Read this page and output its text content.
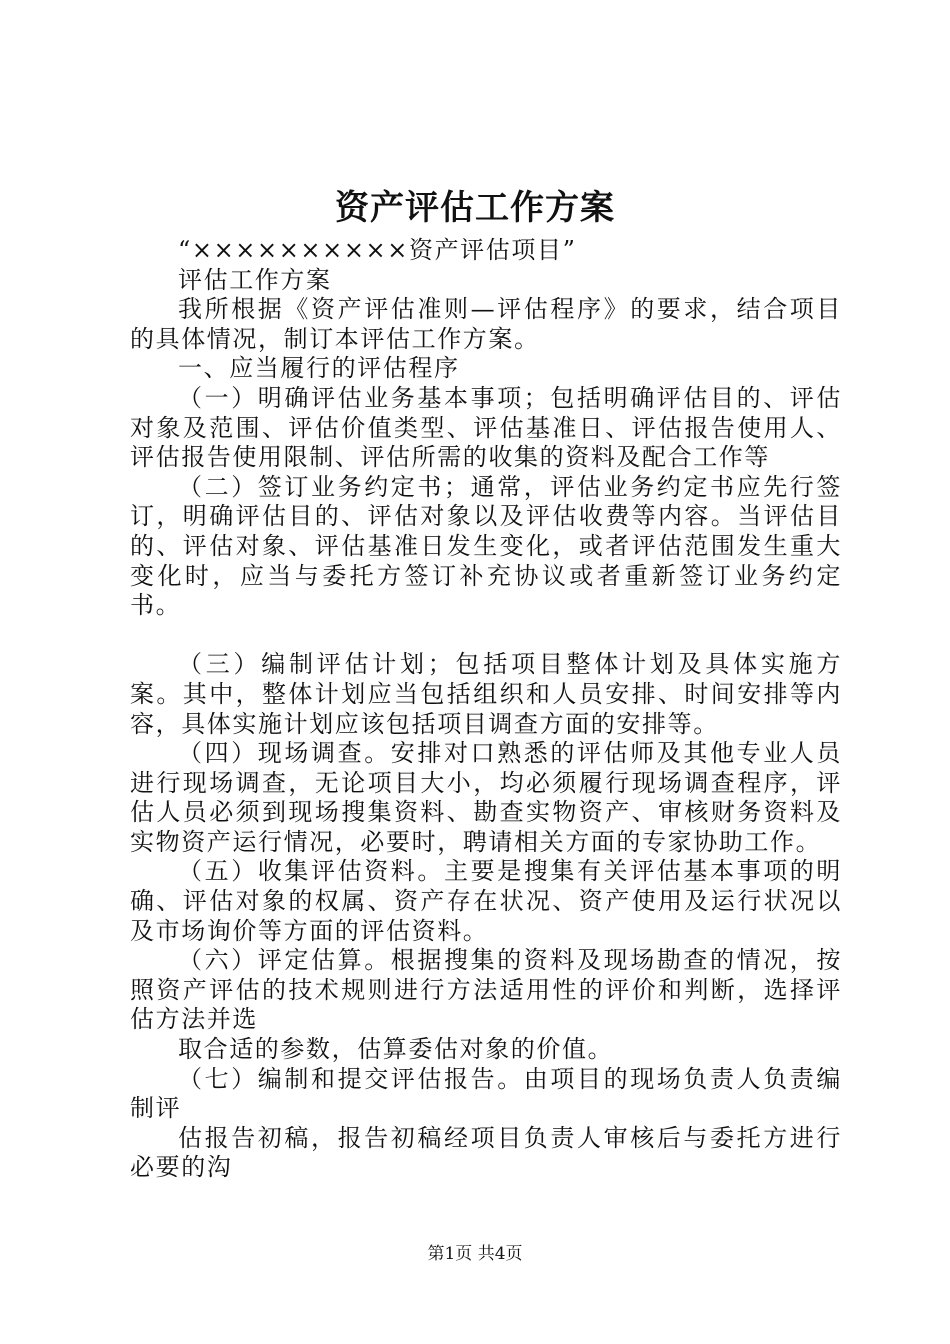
资产评估工作方案

“××××××××××资产评估项目”

评估工作方案

我所根据《资产评估准则—评估程序》的要求，结合项目的具体情况，制订本评估工作方案。

一、应当履行的评估程序

（一）明确评估业务基本事项；包括明确评估目的、评估对象及范围、评估价值类型、评估基准日、评估报告使用人、评估报告使用限制、评估所需的收集的资料及配合工作等

（二）签订业务约定书；通常，评估业务约定书应先行签订，明确评估目的、评估对象以及评估收费等内容。当评估目的、评估对象、评估基准日发生变化，或者评估范围发生重大变化时，应当与委托方签订补充协议或者重新签订业务约定书。

（三）编制评估计划；包括项目整体计划及具体实施方案。其中，整体计划应当包括组织和人员安排、时间安排等内容，具体实施计划应该包括项目调查方面的安排等。

（四）现场调查。安排对口熟悉的评估师及其他专业人员进行现场调查，无论项目大小，均必须履行现场调查程序，评估人员必须到现场搜集资料、勘查实物资产、审核财务资料及实物资产运行情况，必要时，聘请相关方面的专家协助工作。

（五）收集评估资料。主要是搜集有关评估基本事项的明确、评估对象的权属、资产存在状况、资产使用及运行状况以及市场询价等方面的评估资料。

（六）评定估算。根据搜集的资料及现场勘查的情况，按照资产评估的技术规则进行方法适用性的评价和判断，选择评估方法并选

取合适的参数，估算委估对象的价值。

（七）编制和提交评估报告。由项目的现场负责人负责编制评

估报告初稿，报告初稿经项目负责人审核后与委托方进行必要的沟

第1页 共4页
